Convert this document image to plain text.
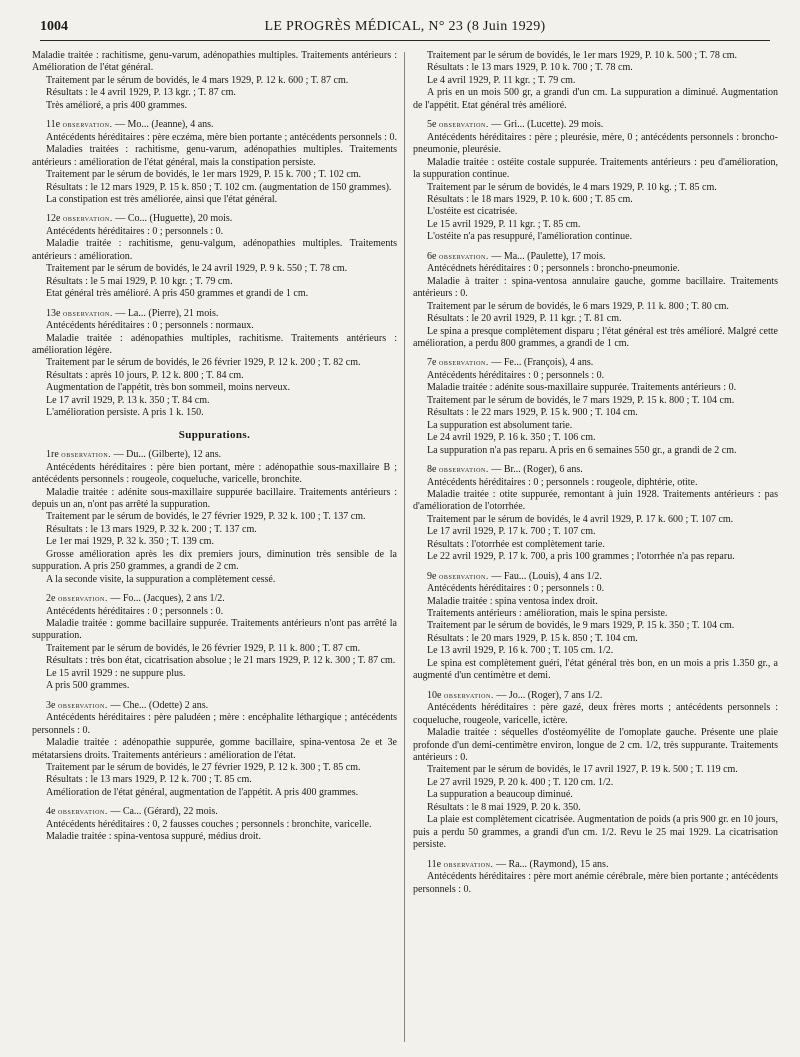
1004	LE PROGRÈS MÉDICAL, N° 23 (8 Juin 1929)

Maladie traitée : rachitisme, genu-varum, adénopathies multiples. Traitements antérieurs : Amélioration de l'état général.

Traitement par le sérum de bovidés, le 4 mars 1929, P. 12 k. 600 ; T. 87 cm.

Résultats : le 4 avril 1929, P. 13 kgr. ; T. 87 cm.

Très amélioré, a pris 400 grammes.

11e observation. — Mo... (Jeanne), 4 ans.

Antécédents héréditaires : père eczéma, mère bien portante ; antécédents personnels : 0.

Maladies traitées : rachitisme, genu-varum, adénopathies multiples. Traitements antérieurs : amélioration de l'état général, mais la constipation persiste.

Traitement par le sérum de bovidés, le 1er mars 1929, P. 15 k. 700 ; T. 102 cm.

Résultats : le 12 mars 1929, P. 15 k. 850 ; T. 102 cm. (augmentation de 150 grammes).

La constipation est très améliorée, ainsi que l'état général.

12e observation. — Co... (Huguette), 20 mois.

Antécédents héréditaires : 0 ; personnels : 0.

Maladie traitée : rachitisme, genu-valgum, adénopathies multiples. Traitements antérieurs : amélioration.

Traitement par le sérum de bovidés, le 24 avril 1929, P. 9 k. 550 ; T. 78 cm.

Résultats : le 5 mai 1929, P. 10 kgr. ; T. 79 cm.

Etat général très amélioré. A pris 450 grammes et grandi de 1 cm.

13e observation. — La... (Pierre), 21 mois.

Antécédents héréditaires : 0 ; personnels : normaux.

Maladie traitée : adénopathies multiples, rachitisme. Traitements antérieurs : amélioration légère.

Traitement par le sérum de bovidés, le 26 février 1929, P. 12 k. 200 ; T. 82 cm.

Résultats : après 10 jours, P. 12 k. 800 ; T. 84 cm.

Augmentation de l'appétit, très bon sommeil, moins nerveux.

Le 17 avril 1929, P. 13 k. 350 ; T. 84 cm.

L'amélioration persiste. A pris 1 k. 150.

Suppurations.

1re observation. — Du... (Gilberte), 12 ans.

Antécédents héréditaires : père bien portant, mère : adénopathie sous-maxillaire B ; antécédents personnels : rougeole, coqueluche, varicelle, bronchite.

Maladie traitée : adénite sous-maxillaire suppurée bacillaire. Traitements antérieurs : depuis un an, n'ont pas arrêté la suppuration.

Traitement par le sérum de bovidés, le 27 février 1929, P. 32 k. 100 ; T. 137 cm.

Résultats : le 13 mars 1929, P. 32 k. 200 ; T. 137 cm.

Le 1er mai 1929, P. 32 k. 350 ; T. 139 cm.

Grosse amélioration après les dix premiers jours, diminution très sensible de la suppuration. A pris 250 grammes, a grandi de 2 cm.

A la seconde visite, la suppuration a complètement cessé.

2e observation. — Fo... (Jacques), 2 ans 1/2.

Antécédents héréditaires : 0 ; personnels : 0.

Maladie traitée : gomme bacillaire suppurée. Traitements antérieurs n'ont pas arrêté la suppuration.

Traitement par le sérum de bovidés, le 26 février 1929, P. 11 k. 800 ; T. 87 cm.

Résultats : très bon état, cicatrisation absolue ; le 21 mars 1929, P. 12 k. 300 ; T. 87 cm.

Le 15 avril 1929 : ne suppure plus.

A pris 500 grammes.

3e observation. — Che... (Odette) 2 ans.

Antécédents héréditaires : père paludéen ; mère : encéphalite léthargique ; antécédents personnels : 0.

Maladie traitée : adénopathie suppurée, gomme bacillaire, spina-ventosa 2e et 3e métatarsiens droits. Traitements antérieurs : amélioration de l'état.

Traitement par le sérum de bovidés, le 27 février 1929, P. 12 k. 300 ; T. 85 cm.

Résultats : le 13 mars 1929, P. 12 k. 700 ; T. 85 cm.

Amélioration de l'état général, augmentation de l'appétit. A pris 400 grammes.

4e observation. — Ca... (Gérard), 22 mois.

Antécédents héréditaires : 0, 2 fausses couches ; personnels : bronchite, varicelle.

Maladie traitée : spina-ventosa suppuré, médius droit.

Traitement par le sérum de bovidés, le 1er mars 1929, P. 10 k. 500 ; T. 78 cm.

Résultats : le 13 mars 1929, P. 10 k. 700 ; T. 78 cm.

Le 4 avril 1929, P. 11 kgr. ; T. 79 cm.

A pris en un mois 500 gr, a grandi d'un cm. La suppuration a diminué. Augmentation de l'appétit. Etat général très amélioré.

5e observation. — Gri... (Lucette). 29 mois.

Antécédents héréditaires : père ; pleurésie, mère, 0 ; antécédents personnels : broncho-pneumonie, pleurésie.

Maladie traitée : ostéite costale suppurée. Traitements antérieurs : peu d'amélioration, la suppuration continue.

Traitement par le sérum de bovidés, le 4 mars 1929, P. 10 kg. ; T. 85 cm.

Résultats : le 18 mars 1929, P. 10 k. 600 ; T. 85 cm.

L'ostéite est cicatrisée.

Le 15 avril 1929, P. 11 kgr. ; T. 85 cm.

L'ostéite n'a pas resuppuré, l'amélioration continue.

6e observation. — Ma... (Paulette), 17 mois.

Antécédnets héréditaires : 0 ; personnels : broncho-pneumonie.

Maladie à traiter : spina-ventosa annulaire gauche, gomme bacillaire. Traitements antérieurs : 0.

Traitement par le sérum de bovidés, le 6 mars 1929, P. 11 k. 800 ; T. 80 cm.

Résultats : le 20 avril 1929, P. 11 kgr. ; T. 81 cm.

Le spina a presque complètement disparu ; l'état général est très amélioré. Malgré cette amélioration, a perdu 800 grammes, a grandi de 1 cm.

7e observation. — Fe... (François), 4 ans.

Antécédents héréditaires : 0 ; personnels : 0.

Maladie traitée : adénite sous-maxillaire suppurée. Traitements antérieurs : 0.

Traitement par le sérum de bovidés, le 7 mars 1929, P. 15 k. 800 ; T. 104 cm.

Résultats : le 22 mars 1929, P. 15 k. 900 ; T. 104 cm.

La suppuration est absolument tarie.

Le 24 avril 1929, P. 16 k. 350 ; T. 106 cm.

La suppuration n'a pas reparu. A pris en 6 semaines 550 gr., a grandi de 2 cm.

8e observation. — Br... (Roger), 6 ans.

Antécédents héréditaires : 0 ; personnels : rougeole, diphtérie, otite.

Maladie traitée : otite suppurée, remontant à juin 1928. Traitements antérieurs : pas d'amélioration de l'otorrhée.

Traitement par le sérum de bovidés, le 4 avril 1929, P. 17 k. 600 ; T. 107 cm.

Le 17 avril 1929, P. 17 k. 700 ; T. 107 cm.

Résultats : l'otorrhée est complètement tarie.

Le 22 avril 1929, P. 17 k. 700, a pris 100 grammes ; l'otorrhée n'a pas reparu.

9e observation. — Fau... (Louis), 4 ans 1/2.

Antécédents héréditaires : 0 ; personnels : 0.

Maladie traitée : spina ventosa index droit.

Traitements antérieurs : amélioration, mais le spina persiste.

Traitement par le sérum de bovidés, le 9 mars 1929, P. 15 k. 350 ; T. 104 cm.

Résultats : le 20 mars 1929, P. 15 k. 850 ; T. 104 cm.

Le 13 avril 1929, P. 16 k. 700 ; T. 105 cm. 1/2.

Le spina est complètement guéri, l'état général très bon, en un mois a pris 1.350 gr., a augmenté d'un centimètre et demi.

10e observation. — Jo... (Roger), 7 ans 1/2.

Antécédents héréditaires : père gazé, deux frères morts ; antécédents personnels : coqueluche, rougeole, varicelle, ictère.

Maladie traitée : séquelles d'ostéomyélite de l'omoplate gauche. Présente une plaie profonde d'un demi-centimètre environ, longue de 2 cm. 1/2, très suppurante. Traitements antérieurs : 0.

Traitement par le sérum de bovidés, le 17 avril 1927, P. 19 k. 500 ; T. 119 cm.

Le 27 avril 1929, P. 20 k. 400 ; T. 120 cm. 1/2.

La suppuration a beaucoup diminué.

Résultats : le 8 mai 1929, P. 20 k. 350.

La plaie est complètement cicatrisée. Augmentation de poids (a pris 900 gr. en 10 jours, puis a perdu 50 grammes, a grandi d'un cm. 1/2. Revu le 25 mai 1929. La cicatrisation persiste.

11e observation. — Ra... (Raymond), 15 ans.

Antécédents héréditaires : père mort anémie cérébrale, mère bien portante ; antécédents personnels : 0.
